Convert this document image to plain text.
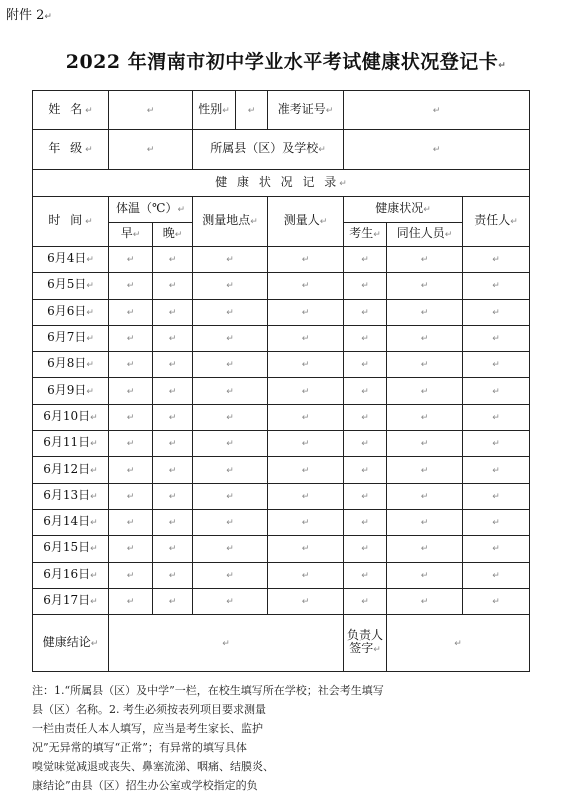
附件 2↵
2022 年渭南市初中学业水平考试健康状况登记卡↵
姓 名↵	↵		性别↵	↵	准考证号↵	↵		
年 级↵	↵		所属县（区）及学校↵			↵		
健 康 状 况 记 录↵								
时 间↵	体温（℃）↵		测量地点↵		测量人↵	健康状况↵		责任人↵
	早↵	晚↵				考生↵	同住人员↵	
6月4日↵	↵	↵	↵		↵	↵	↵	↵
6月5日↵	↵	↵	↵		↵	↵	↵	↵
6月6日↵	↵	↵	↵		↵	↵	↵	↵
6月7日↵	↵	↵	↵		↵	↵	↵	↵
6月8日↵	↵	↵	↵		↵	↵	↵	↵
6月9日↵	↵	↵	↵		↵	↵	↵	↵
6月10日↵	↵	↵	↵		↵	↵	↵	↵
6月11日↵	↵	↵	↵		↵	↵	↵	↵
6月12日↵	↵	↵	↵		↵	↵	↵	↵
6月13日↵	↵	↵	↵		↵	↵	↵	↵
6月14日↵	↵	↵	↵		↵	↵	↵	↵
6月15日↵	↵	↵	↵		↵	↵	↵	↵
6月16日↵	↵	↵	↵		↵	↵	↵	↵
6月17日↵	↵	↵	↵		↵	↵	↵	↵
健康结论↵	↵					负责人签字↵	↵	

注：1.“所属县（区）及中学”一栏，在校生填写所在学校；社会考生填写

县（区）名称。2. 考生必须按表列项目要求测量

一栏由责任人本人填写，应当是考生家长、监护

况”无异常的填写“正常”；有异常的填写具体

嗅觉味觉减退或丧失、鼻塞流涕、咽痛、结膜炎、

康结论”由县（区）招生办公室或学校指定的负
